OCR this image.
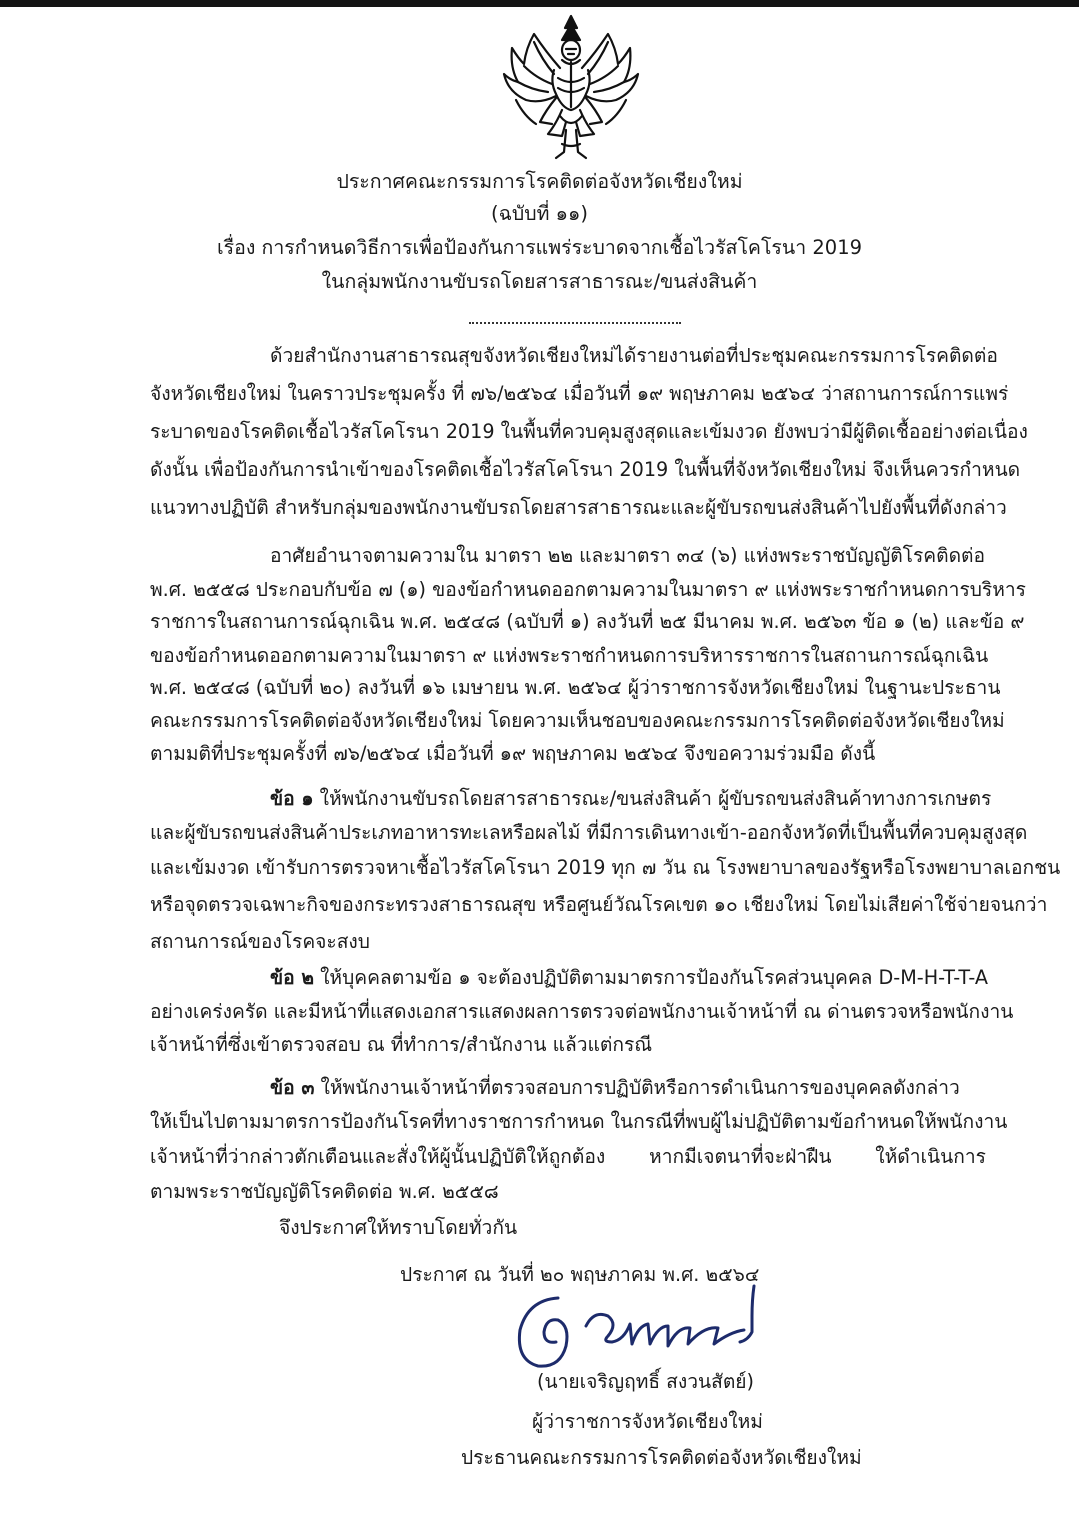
ประกาศคณะกรรมการโรคติดต่อจังหวัดเชียงใหม่
(ฉบับที่ ๑๑)
เรื่อง การกำหนดวิธีการเพื่อป้องกันการแพร่ระบาดจากเชื้อไวรัสโคโรนา 2019
ในกลุ่มพนักงานขับรถโดยสารสาธารณะ/ขนส่งสินค้า
ด้วยสำนักงานสาธารณสุขจังหวัดเชียงใหม่ได้รายงานต่อที่ประชุมคณะกรรมการโรคติดต่อ
จังหวัดเชียงใหม่ ในคราวประชุมครั้ง ที่ ๗๖/๒๕๖๔ เมื่อวันที่ ๑๙ พฤษภาคม ๒๕๖๔ ว่าสถานการณ์การแพร่
ระบาดของโรคติดเชื้อไวรัสโคโรนา 2019 ในพื้นที่ควบคุมสูงสุดและเข้มงวด ยังพบว่ามีผู้ติดเชื้ออย่างต่อเนื่อง
ดังนั้น เพื่อป้องกันการนำเข้าของโรคติดเชื้อไวรัสโคโรนา 2019 ในพื้นที่จังหวัดเชียงใหม่ จึงเห็นควรกำหนด
แนวทางปฏิบัติ สำหรับกลุ่มของพนักงานขับรถโดยสารสาธารณะและผู้ขับรถขนส่งสินค้าไปยังพื้นที่ดังกล่าว
อาศัยอำนาจตามความใน มาตรา ๒๒ และมาตรา ๓๔ (๖) แห่งพระราชบัญญัติโรคติดต่อ
พ.ศ. ๒๕๕๘ ประกอบกับข้อ ๗ (๑) ของข้อกำหนดออกตามความในมาตรา ๙ แห่งพระราชกำหนดการบริหาร
ราชการในสถานการณ์ฉุกเฉิน พ.ศ. ๒๕๔๘ (ฉบับที่ ๑) ลงวันที่ ๒๕ มีนาคม พ.ศ. ๒๕๖๓ ข้อ ๑ (๒) และข้อ ๙
ของข้อกำหนดออกตามความในมาตรา ๙ แห่งพระราชกำหนดการบริหารราชการในสถานการณ์ฉุกเฉิน
พ.ศ. ๒๕๔๘ (ฉบับที่ ๒๐) ลงวันที่ ๑๖ เมษายน พ.ศ. ๒๕๖๔ ผู้ว่าราชการจังหวัดเชียงใหม่ ในฐานะประธาน
คณะกรรมการโรคติดต่อจังหวัดเชียงใหม่ โดยความเห็นชอบของคณะกรรมการโรคติดต่อจังหวัดเชียงใหม่
ตามมติที่ประชุมครั้งที่ ๗๖/๒๕๖๔ เมื่อวันที่ ๑๙ พฤษภาคม ๒๕๖๔ จึงขอความร่วมมือ ดังนี้
ข้อ ๑ ให้พนักงานขับรถโดยสารสาธารณะ/ขนส่งสินค้า ผู้ขับรถขนส่งสินค้าทางการเกษตร
และผู้ขับรถขนส่งสินค้าประเภทอาหารทะเลหรือผลไม้ ที่มีการเดินทางเข้า-ออกจังหวัดที่เป็นพื้นที่ควบคุมสูงสุด
และเข้มงวด เข้ารับการตรวจหาเชื้อไวรัสโคโรนา 2019 ทุก ๗ วัน ณ โรงพยาบาลของรัฐหรือโรงพยาบาลเอกชน
หรือจุดตรวจเฉพาะกิจของกระทรวงสาธารณสุข หรือศูนย์วัณโรคเขต ๑๐ เชียงใหม่ โดยไม่เสียค่าใช้จ่ายจนกว่า
สถานการณ์ของโรคจะสงบ
ข้อ ๒ ให้บุคคลตามข้อ ๑ จะต้องปฏิบัติตามมาตรการป้องกันโรคส่วนบุคคล D-M-H-T-T-A
อย่างเคร่งครัด และมีหน้าที่แสดงเอกสารแสดงผลการตรวจต่อพนักงานเจ้าหน้าที่ ณ ด่านตรวจหรือพนักงาน
เจ้าหน้าที่ซึ่งเข้าตรวจสอบ ณ ที่ทำการ/สำนักงาน แล้วแต่กรณี
ข้อ ๓ ให้พนักงานเจ้าหน้าที่ตรวจสอบการปฏิบัติหรือการดำเนินการของบุคคลดังกล่าว
ให้เป็นไปตามมาตรการป้องกันโรคที่ทางราชการกำหนด ในกรณีที่พบผู้ไม่ปฏิบัติตามข้อกำหนดให้พนักงาน
เจ้าหน้าที่ว่ากล่าวตักเตือนและสั่งให้ผู้นั้นปฏิบัติให้ถูกต้อง หากมีเจตนาที่จะฝ่าฝืน ให้ดำเนินการ
ตามพระราชบัญญัติโรคติดต่อ พ.ศ. ๒๕๕๘
จึงประกาศให้ทราบโดยทั่วกัน
ประกาศ ณ วันที่ ๒๐ พฤษภาคม พ.ศ. ๒๕๖๔
(นายเจริญฤทธิ์ สงวนสัตย์)
ผู้ว่าราชการจังหวัดเชียงใหม่
ประธานคณะกรรมการโรคติดต่อจังหวัดเชียงใหม่
